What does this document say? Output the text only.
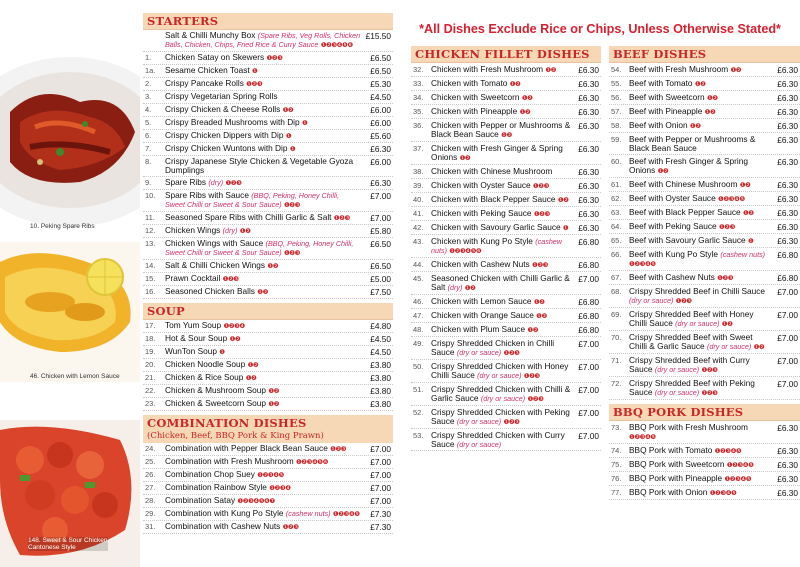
10. Peking Spare Ribs
46. Chicken with Lemon Sauce
148. Sweet & Sour Chicken Cantonese Style
*All Dishes Exclude Rice or Chips, Unless Otherwise Stated*
STARTERS
Salt & Chilli Munchy Box (Spare Ribs, Veg Rolls, Chicken Balls, Chicken, Chips, Fried Rice & Curry Sauce ❶❷❸❹❺❻
£15.50
1.	Chicken Satay on Skewers ❶❷❸	£6.50
1a.	Sesame Chicken Toast ❶	£6.50
2.	Crispy Pancake Rolls ❶❷❸	£5.30
3.	Crispy Vegetarian Spring Rolls	£4.50
4.	Crispy Chicken & Cheese Rolls ❶❷	£6.00
5.	Crispy Breaded Mushrooms with Dip ❶	£6.00
6.	Crispy Chicken Dippers with Dip ❶	£5.60
7.	Crispy Chicken Wuntons with Dip ❶	£6.30
8.	Crispy Japanese Style Chicken & Vegetable Gyoza Dumplings
£6.00
9.	Spare Ribs (dry) ❶❷❸	£6.30
10.	Spare Ribs with Sauce (BBQ, Peking, Honey Chilli, Sweet Chilli or Sweet & Sour Sauce) ❶❷❸
£7.00
11.	Seasoned Spare Ribs with Chilli Garlic & Salt ❶❷❸	£7.00
12.	Chicken Wings (dry) ❶❷	£5.80
13.	Chicken Wings with Sauce (BBQ, Peking, Honey Chilli, Sweet Chilli or Sweet & Sour Sauce) ❶❷❸
£6.50
14.	Salt & Chilli Chicken Wings ❶❷	£6.50
15.	Prawn Cocktail ❶❷❸	£5.00
16.	Seasoned Chicken Balls ❶❷	£7.50
SOUP
17.	Tom Yum Soup ❶❷❸❹	£4.80
18.	Hot & Sour Soup ❶❷	£4.50
19.	WunTon Soup ❶	£4.50
20.	Chicken Noodle Soup ❶❷	£3.80
21.	Chicken & Rice Soup ❶❷	£3.80
22.	Chicken & Mushroom Soup ❶❷	£3.80
23.	Chicken & Sweetcorn Soup ❶❷	£3.80
COMBINATION DISHES
(Chicken, Beef, BBQ Pork & King Prawn)
24.	Combination with Pepper Black Bean Sauce ❶❷❸	£7.00
25.	Combination with Fresh Mushroom ❶❷❸❹❺❻	£7.00
26.	Combination Chop Suey ❶❷❸❹❺	£7.00
27.	Combination Rainbow Style ❶❷❸❹	£7.00
28.	Combination Satay ❶❷❸❹❺❻❼	£7.00
29.	Combination with Kung Po Style (cashew nuts) ❶❷❸❹❺	£7.30
31.	Combination with Cashew Nuts ❶❷❸	£7.30
CHICKEN FILLET DISHES
32. Chicken with Fresh Mushroom ❶❷	£6.30
33. Chicken with Tomato ❶❷	£6.30
34. Chicken with Sweetcorn ❶❷	£6.30
35. Chicken with Pineapple ❶❷	£6.30
36. Chicken with Pepper or Mushrooms & Black Bean Sauce ❶❷
£6.30
37. Chicken with Fresh Ginger & Spring Onions ❶❷
£6.30
38. Chicken with Chinese Mushroom	£6.30
39. Chicken with Oyster Sauce ❶❷❸	£6.30
40. Chicken with Black Pepper Sauce ❶❷	£6.30
41. Chicken with Peking Sauce ❶❷❸	£6.30
42. Chicken with Savoury Garlic Sauce ❶	£6.30
43. Chicken with Kung Po Style (cashew nuts) ❶❷❸❹❺❻
£6.80
44. Chicken with Cashew Nuts ❶❷❸	£6.80
45. Seasoned Chicken with Chilli Garlic & Salt (dry) ❶❷
£7.00
46. Chicken with Lemon Sauce ❶❷	£6.80
47. Chicken with Orange Sauce ❶❷	£6.80
48. Chicken with Plum Sauce ❶❷	£6.80
49. Crispy Shredded Chicken in Chilli Sauce (dry or sauce) ❶❷❸
£7.00
50. Crispy Shredded Chicken with Honey Chilli Sauce (dry or sauce) ❶❷❸
£7.00
51. Crispy Shredded Chicken with Chilli & Garlic Sauce (dry or sauce) ❶❷❸
£7.00
52. Crispy Shredded Chicken with Peking Sauce (dry or sauce) ❶❷❸
£7.00
53. Crispy Shredded Chicken with Curry Sauce (dry or sauce)
£7.00
BEEF DISHES
54. Beef with Fresh Mushroom ❶❷	£6.30
55. Beef with Tomato ❶❷	£6.30
56. Beef with Sweetcorn ❶❷	£6.30
57. Beef with Pineapple ❶❷	£6.30
58. Beef with Onion ❶❷	£6.30
59. Beef with Pepper or Mushrooms & Black Bean Sauce
£6.30
60. Beef with Fresh Ginger & Spring Onions ❶❷
£6.30
61. Beef with Chinese Mushroom ❶❷	£6.30
62. Beef with Oyster Sauce ❶❷❸❹❺	£6.30
63. Beef with Black Pepper Sauce ❶❷	£6.30
64. Beef with Peking Sauce ❶❷❸	£6.30
65. Beef with Savoury Garlic Sauce ❶	£6.30
66. Beef with Kung Po Style (cashew nuts) ❶❷❸❹❺
£6.80
67. Beef with Cashew Nuts ❶❷❸	£6.80
68. Crispy Shredded Beef in Chilli Sauce (dry or sauce) ❶❷❸
£7.00
69. Crispy Shredded Beef with Honey Chilli Sauce (dry or sauce) ❶❷
£7.00
70. Crispy Shredded Beef with Sweet Chilli & Garlic Sauce (dry or sauce) ❶❷
£7.00
71. Crispy Shredded Beef with Curry Sauce (dry or sauce) ❶❷❸
£7.00
72. Crispy Shredded Beef with Peking Sauce (dry or sauce) ❶❷❸
£7.00
BBQ PORK DISHES
73. BBQ Pork with Fresh Mushroom ❶❷❸❹❺
£6.30
74. BBQ Pork with Tomato ❶❷❸❹❺	£6.30
75. BBQ Pork with Sweetcorn ❶❷❸❹❺	£6.30
76. BBQ Pork with Pineapple ❶❷❸❹❺	£6.30
77. BBQ Pork with Onion ❶❷❸❹❺	£6.30
